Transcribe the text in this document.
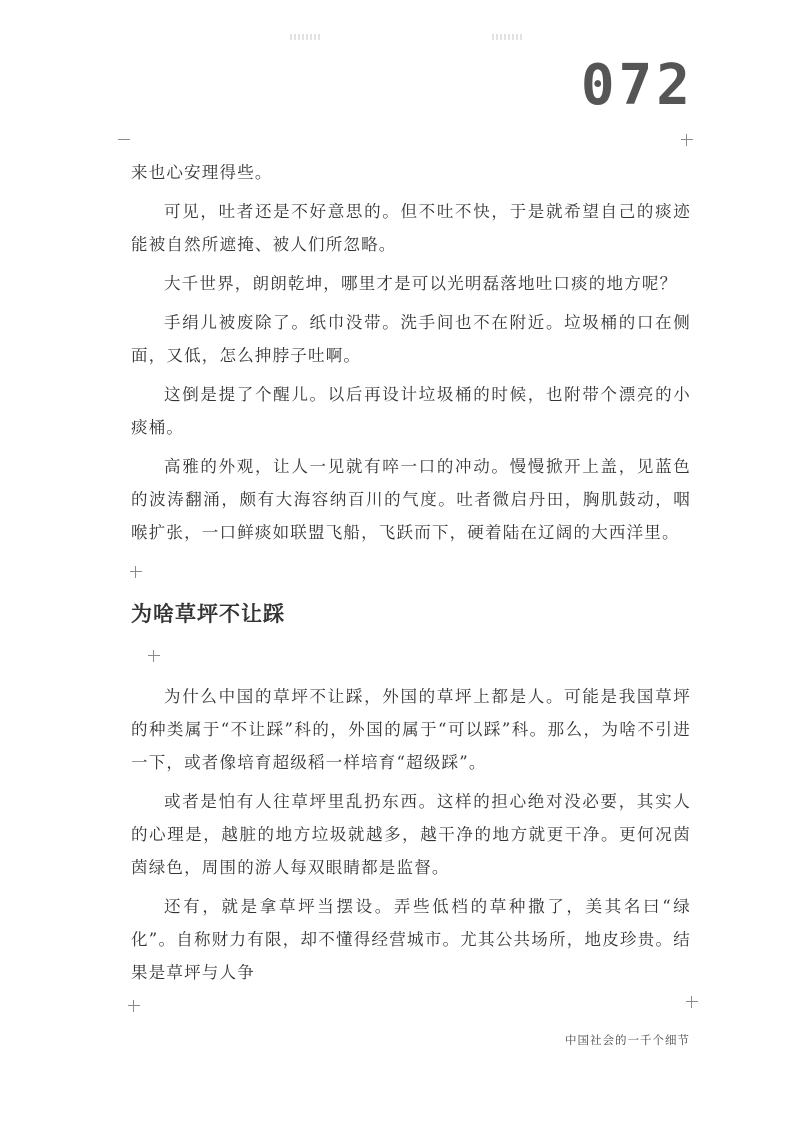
072

来也心安理得些。

可见，吐者还是不好意思的。但不吐不快，于是就希望自己的痰迹能被自然所遮掩、被人们所忽略。

大千世界，朗朗乾坤，哪里才是可以光明磊落地吐口痰的地方呢？

手绢儿被废除了。纸巾没带。洗手间也不在附近。垃圾桶的口在侧面，又低，怎么抻脖子吐啊。

这倒是提了个醒儿。以后再设计垃圾桶的时候，也附带个漂亮的小痰桶。

高雅的外观，让人一见就有啐一口的冲动。慢慢掀开上盖，见蓝色的波涛翻涌，颇有大海容纳百川的气度。吐者微启丹田，胸肌鼓动，咽喉扩张，一口鲜痰如联盟飞船，飞跃而下，硬着陆在辽阔的大西洋里。

为啥草坪不让踩

为什么中国的草坪不让踩，外国的草坪上都是人。可能是我国草坪的种类属于“不让踩”科的，外国的属于“可以踩”科。那么，为啥不引进一下，或者像培育超级稻一样培育“超级踩”。

或者是怕有人往草坪里乱扔东西。这样的担心绝对没必要，其实人的心理是，越脏的地方垃圾就越多，越干净的地方就更干净。更何况茵茵绿色，周围的游人每双眼睛都是监督。

还有，就是拿草坪当摆设。弄些低档的草种撒了，美其名曰“绿化”。自称财力有限，却不懂得经营城市。尤其公共场所，地皮珍贵。结果是草坪与人争

中国社会的一千个细节
